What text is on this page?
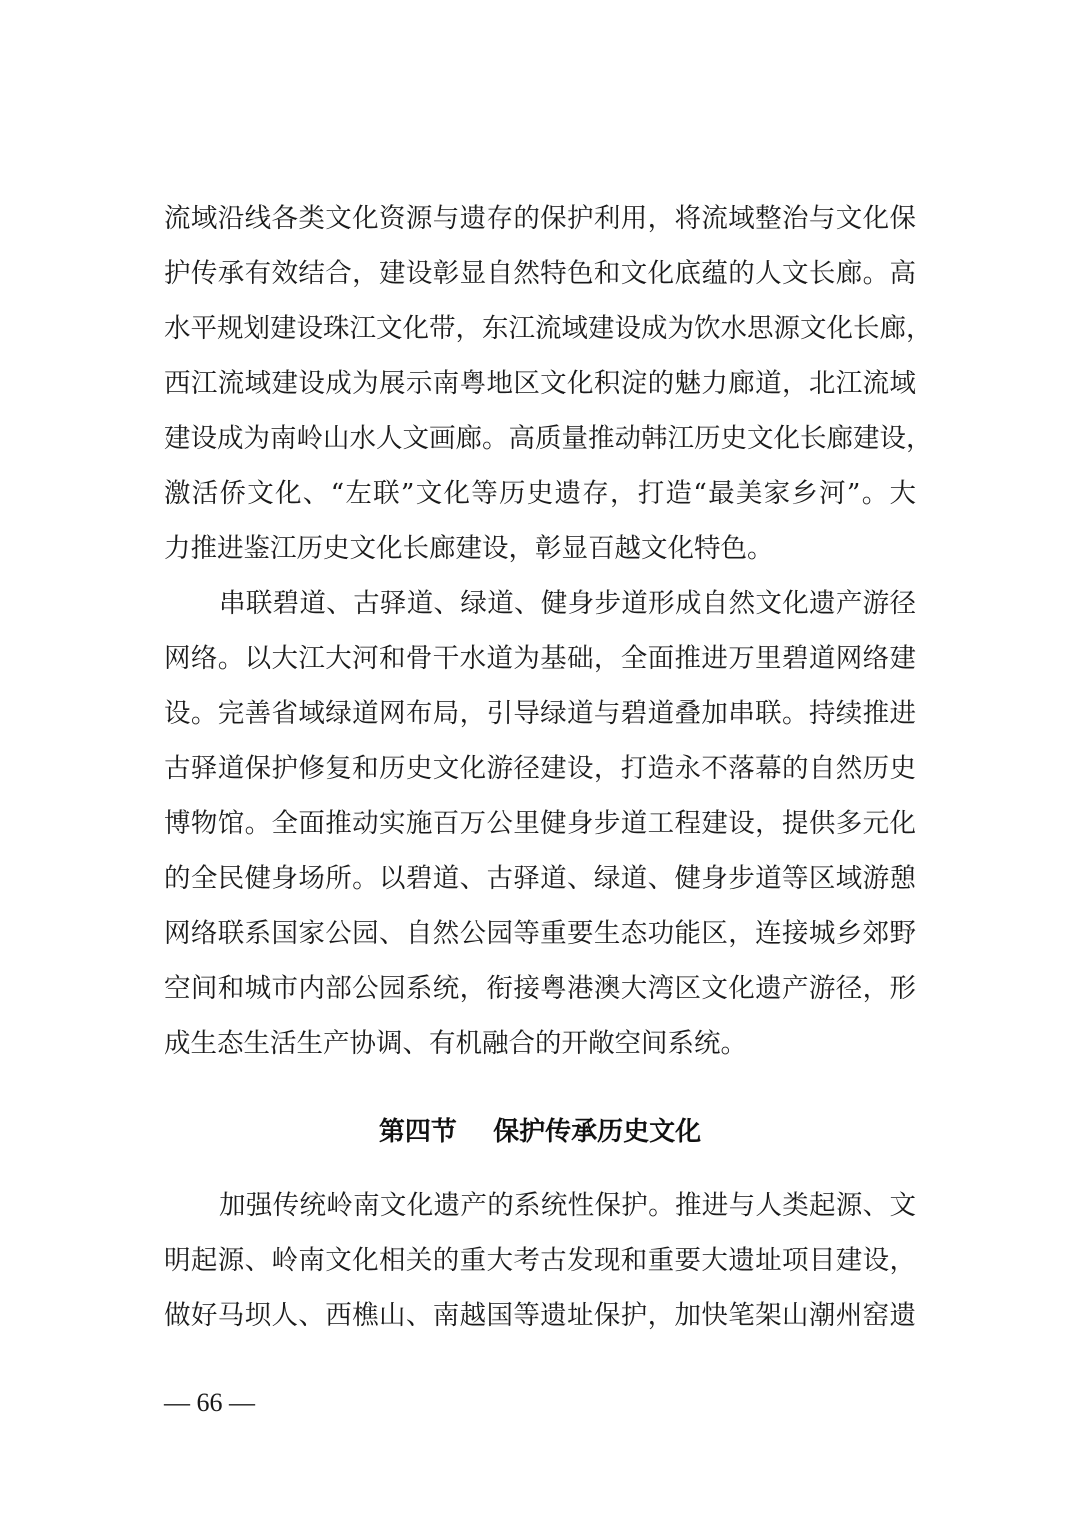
流域沿线各类文化资源与遗存的保护利用，将流域整治与文化保
护传承有效结合，建设彰显自然特色和文化底蕴的人文长廊。高
水平规划建设珠江文化带，东江流域建设成为饮水思源文化长廊，
西江流域建设成为展示南粤地区文化积淀的魅力廊道，北江流域
建设成为南岭山水人文画廊。高质量推动韩江历史文化长廊建设，
激活侨文化、“左联”文化等历史遗存，打造“最美家乡河”。大
力推进鉴江历史文化长廊建设，彰显百越文化特色。
串联碧道、古驿道、绿道、健身步道形成自然文化遗产游径
网络。以大江大河和骨干水道为基础，全面推进万里碧道网络建
设。完善省域绿道网布局，引导绿道与碧道叠加串联。持续推进
古驿道保护修复和历史文化游径建设，打造永不落幕的自然历史
博物馆。全面推动实施百万公里健身步道工程建设，提供多元化
的全民健身场所。以碧道、古驿道、绿道、健身步道等区域游憩
网络联系国家公园、自然公园等重要生态功能区，连接城乡郊野
空间和城市内部公园系统，衔接粤港澳大湾区文化遗产游径，形
成生态生活生产协调、有机融合的开敞空间系统。
第四节    保护传承历史文化
加强传统岭南文化遗产的系统性保护。推进与人类起源、文
明起源、岭南文化相关的重大考古发现和重要大遗址项目建设，
做好马坝人、西樵山、南越国等遗址保护，加快笔架山潮州窑遗
— 66 —
